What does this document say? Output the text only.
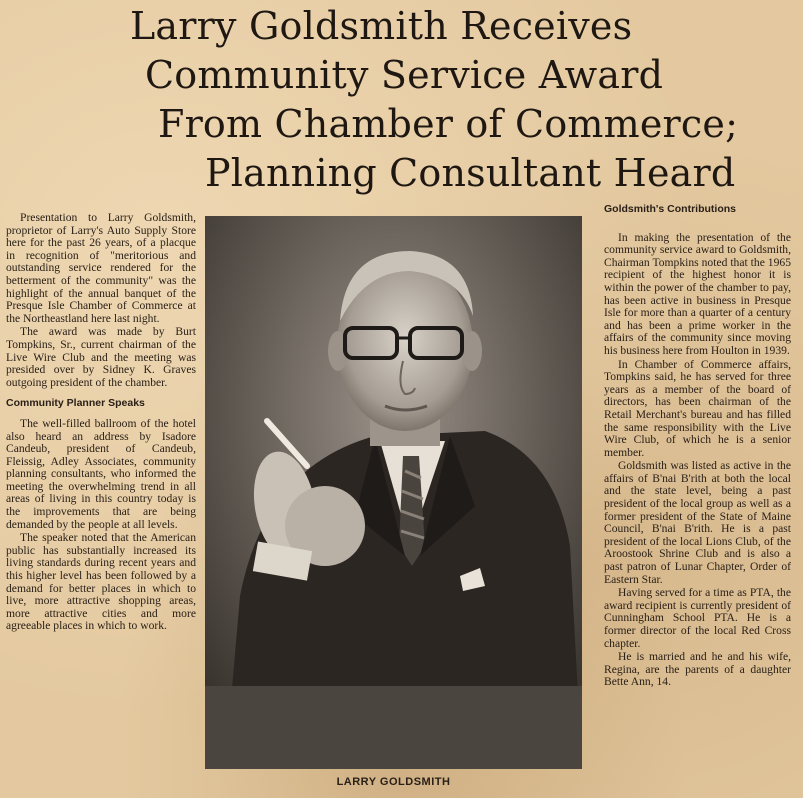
Larry Goldsmith Receives
Community Service Award
From Chamber of Commerce;
Planning Consultant Heard

Presentation to Larry Goldsmith, proprietor of Larry's Auto Supply Store here for the past 26 years, of a placque in recognition of "meritorious and outstanding service rendered for the betterment of the community" was the highlight of the annual banquet of the Presque Isle Chamber of Commerce at the Northeastland here last night.

The award was made by Burt Tompkins, Sr., current chairman of the Live Wire Club and the meeting was presided over by Sidney K. Graves outgoing president of the chamber.

Community Planner Speaks

The well-filled ballroom of the hotel also heard an address by Isadore Candeub, president of Candeub, Fleissig, Adley Associates, community planning consultants, who informed the meeting the overwhelming trend in all areas of living in this country today is the improvements that are being demanded by the people at all levels.

The speaker noted that the American public has substantially increased its living standards during recent years and this higher level has been followed by a demand for better places in which to live, more attractive shopping areas, more attractive cities and more agreeable places in which to work.

LARRY GOLDSMITH
Goldsmith's Contributions

In making the presentation of the community service award to Goldsmith, Chairman Tompkins noted that the 1965 recipient of the highest honor it is within the power of the chamber to pay, has been active in business in Presque Isle for more than a quarter of a century and has been a prime worker in the affairs of the community since moving his business here from Houlton in 1939.

In Chamber of Commerce affairs, Tompkins said, he has served for three years as a member of the board of directors, has been chairman of the Retail Merchant's bureau and has filled the same responsibility with the Live Wire Club, of which he is a senior member.

Goldsmith was listed as active in the affairs of B'nai B'rith at both the local and the state level, being a past president of the local group as well as a former president of the State of Maine Council, B'nai B'rith. He is a past president of the local Lions Club, of the Aroostook Shrine Club and is also a past patron of Lunar Chapter, Order of Eastern Star.

Having served for a time as PTA, the award recipient is currently president of Cunningham School PTA. He is a former director of the local Red Cross chapter.

He is married and he and his wife, Regina, are the parents of a daughter Bette Ann, 14.
